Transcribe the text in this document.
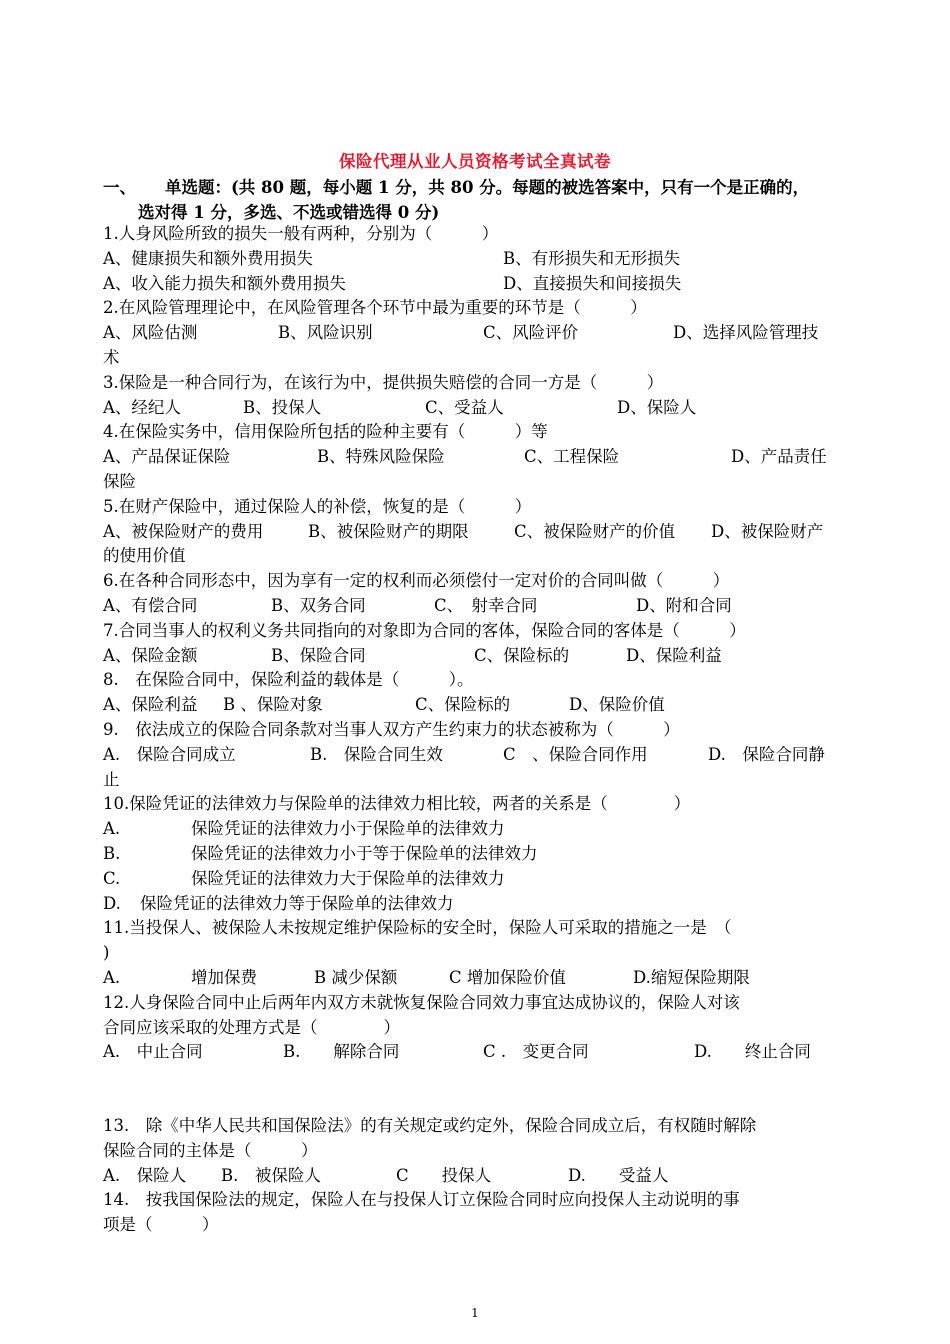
保险代理从业人员资格考试全真试卷
一、 单选题：(共 80 题，每小题 1 分，共 80 分。每题的被选答案中，只有一个是正确的，
选对得 1 分，多选、不选或错选得 0 分)
1.人身风险所致的损失一般有两种，分别为（　　　）
A、健康损失和额外费用损失	B、有形损失和无形损失
A、收入能力损失和额外费用损失	D、直接损失和间接损失
2.在风险管理理论中，在风险管理各个环节中最为重要的环节是（　　　）
A、风险估测	B、风险识别	C、风险评价	D、选择风险管理技
术
3.保险是一种合同行为，在该行为中，提供损失赔偿的合同一方是（　　　）
A、经纪人	B、投保人	C、受益人	D、保险人
4.在保险实务中，信用保险所包括的险种主要有（　　　）等
A、产品保证保险	B、特殊风险保险	C、工程保险	D、产品责任
保险
5.在财产保险中，通过保险人的补偿，恢复的是（　　　）
A、被保险财产的费用	B、被保险财产的期限	C、被保险财产的价值	D、被保险财产
的使用价值
6.在各种合同形态中，因为享有一定的权利而必须偿付一定对价的合同叫做（　　　）
A、有偿合同	B、双务合同	C、　射幸合同	D、附和合同
7.合同当事人的权利义务共同指向的对象即为合同的客体，保险合同的客体是（　　　）
A、保险金额	B、保险合同	C、保险标的	D、保险利益
8.　在保险合同中，保险利益的载体是（　　　）。
A、保险利益	B 、保险对象	C、保险标的	D、保险价值
9.　依法成立的保险合同条款对当事人双方产生约束力的状态被称为（　　　）
A.　保险合同成立	B.　保险合同生效	C　、保险合同作用	D.　保险合同静
止
10.保险凭证的法律效力与保险单的法律效力相比较，两者的关系是（　　　　）
A.	保险凭证的法律效力小于保险单的法律效力
B.	保险凭证的法律效力小于等于保险单的法律效力
C.	保险凭证的法律效力大于保险单的法律效力
D.	保险凭证的法律效力等于保险单的法律效力
11.当投保人、被保险人未按规定维护保险标的安全时，保险人可采取的措施之一是　（
)
A.	增加保费	B 减少保额	C 增加保险价值	D.缩短保险期限
12.人身保险合同中止后两年内双方未就恢复保险合同效力事宜达成协议的，保险人对该
合同应该采取的处理方式是（　　　　）
A.　中止合同	B.　　解除合同	C .　变更合同	D.　　终止合同
13.　除《中华人民共和国保险法》的有关规定或约定外，保险合同成立后，有权随时解除
保险合同的主体是（　　　）
A.　保险人	B.　被保险人	C　　投保人	D.　　受益人
14.　按我国保险法的规定，保险人在与投保人订立保险合同时应向投保人主动说明的事
项是（　　　）
1
